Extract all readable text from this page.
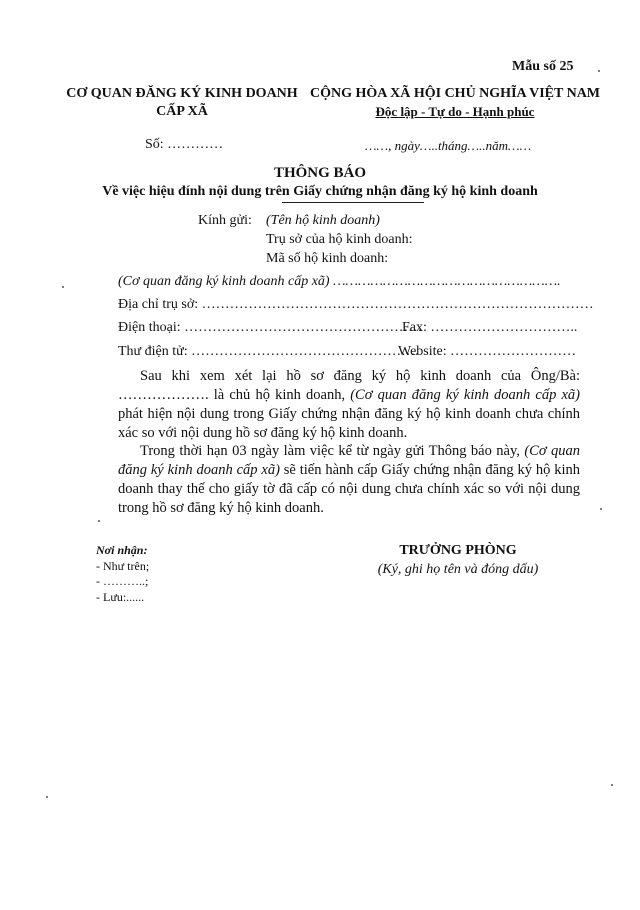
Mẫu số 25
CƠ QUAN ĐĂNG KÝ KINH DOANH
CẤP XÃ
CỘNG HÒA XÃ HỘI CHỦ NGHĨA VIỆT NAM
Độc lập - Tự do - Hạnh phúc
Số: …………	……, ngày…..tháng…..năm……
THÔNG BÁO
Về việc hiệu đính nội dung trên Giấy chứng nhận đăng ký hộ kinh doanh
Kính gửi: (Tên hộ kinh doanh)
Trụ sở của hộ kinh doanh:
Mã số hộ kinh doanh:
(Cơ quan đăng ký kinh doanh cấp xã) ……………………………………………….
Địa chỉ trụ sở: …………………………………………………………………………
Điện thoại: ……………………………………………
Fax: …………………………..
Thư điện tử: ………………………………………….
Website: ………………………

Sau khi xem xét lại hồ sơ đăng ký hộ kinh doanh của Ông/Bà: ………………. là chủ hộ kinh doanh, (Cơ quan đăng ký kinh doanh cấp xã) phát hiện nội dung trong Giấy chứng nhận đăng ký hộ kinh doanh chưa chính xác so với nội dung hồ sơ đăng ký hộ kinh doanh.

Trong thời hạn 03 ngày làm việc kể từ ngày gửi Thông báo này, (Cơ quan đăng ký kinh doanh cấp xã) sẽ tiến hành cấp Giấy chứng nhận đăng ký hộ kinh doanh thay thế cho giấy tờ đã cấp có nội dung chưa chính xác so với nội dung trong hồ sơ đăng ký hộ kinh doanh.

Nơi nhận:
- Như trên;
- ………..;
- Lưu:......
TRƯỞNG PHÒNG
(Ký, ghi họ tên và đóng dấu)
